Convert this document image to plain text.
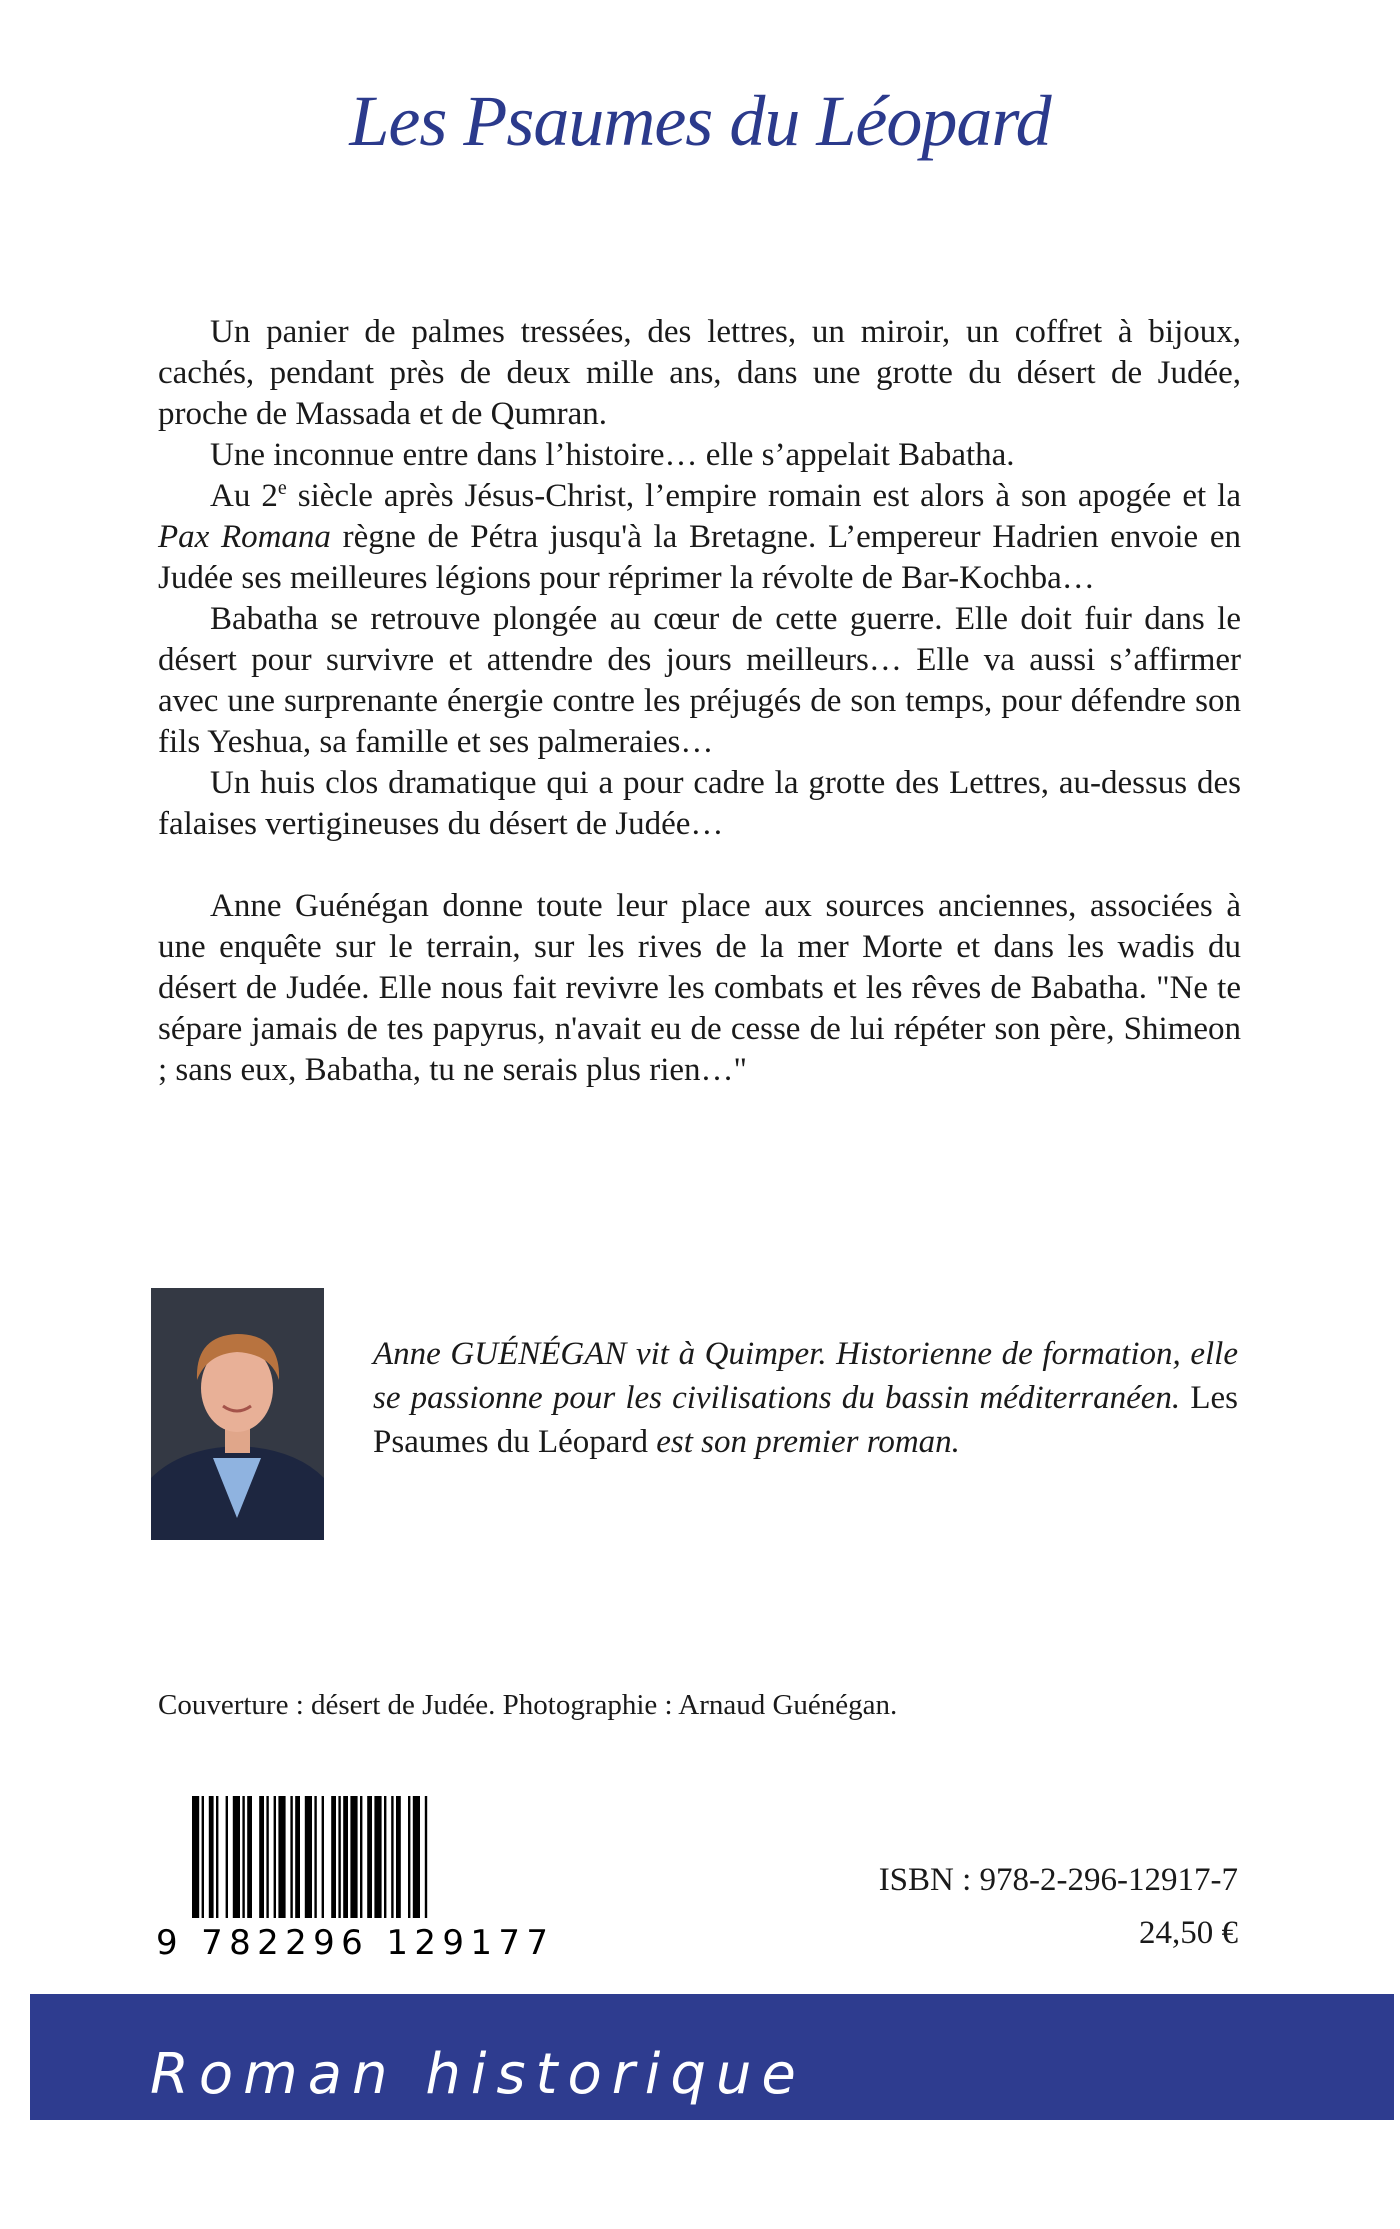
Les Psaumes du Léopard

Un panier de palmes tressées, des lettres, un miroir, un coffret à bijoux, cachés, pendant près de deux mille ans, dans une grotte du désert de Judée, proche de Massada et de Qumran.

Une inconnue entre dans l’histoire… elle s’appelait Babatha.

Au 2e siècle après Jésus-Christ, l’empire romain est alors à son apogée et la Pax Romana règne de Pétra jusqu'à la Bretagne. L’empereur Hadrien envoie en Judée ses meilleures légions pour réprimer la révolte de Bar-Kochba…

Babatha se retrouve plongée au cœur de cette guerre. Elle doit fuir dans le désert pour survivre et attendre des jours meilleurs… Elle va aussi s’affirmer avec une surprenante énergie contre les préjugés de son temps, pour défendre son fils Yeshua, sa famille et ses palmeraies…

Un huis clos dramatique qui a pour cadre la grotte des Lettres, au-dessus des falaises vertigineuses du désert de Judée…

Anne Guénégan donne toute leur place aux sources anciennes, associées à une enquête sur le terrain, sur les rives de la mer Morte et dans les wadis du désert de Judée. Elle nous fait revivre les combats et les rêves de Babatha. "Ne te sépare jamais de tes papyrus, n'avait eu de cesse de lui répéter son père, Shimeon ; sans eux, Babatha, tu ne serais plus rien…"

Anne GUÉNÉGAN vit à Quimper. Historienne de formation, elle se passionne pour les civilisations du bassin méditerranéen. Les Psaumes du Léopard est son premier roman.
Couverture : désert de Judée. Photographie : Arnaud Guénégan.
9 782296 129177
ISBN : 978-2-296-12917-7
24,50 €
Roman historique
